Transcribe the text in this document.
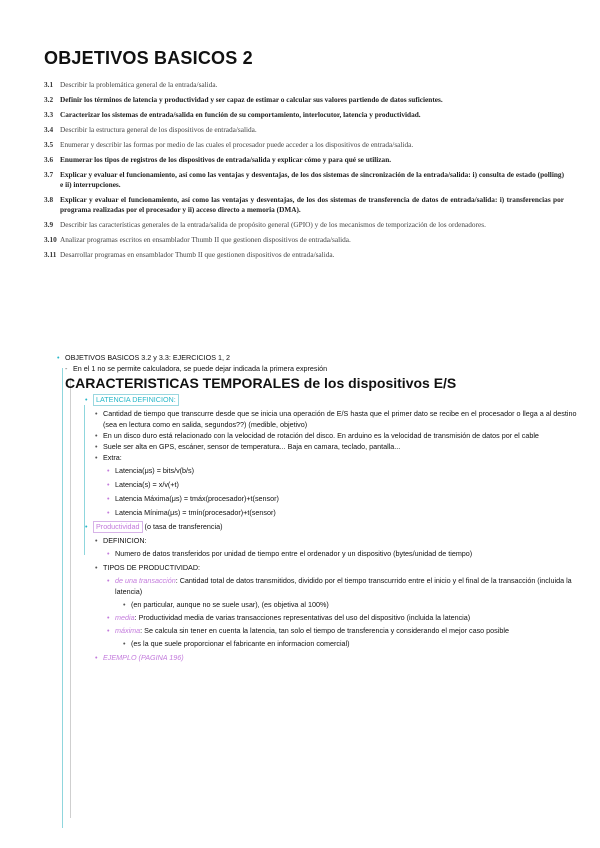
OBJETIVOS BASICOS 2
3.1 Describir la problemática general de la entrada/salida.
3.2 Definir los términos de latencia y productividad y ser capaz de estimar o calcular sus valores partiendo de datos suficientes.
3.3 Caracterizar los sistemas de entrada/salida en función de su comportamiento, interlocutor, latencia y productividad.
3.4 Describir la estructura general de los dispositivos de entrada/salida.
3.5 Enumerar y describir las formas por medio de las cuales el procesador puede acceder a los dispositivos de entrada/salida.
3.6 Enumerar los tipos de registros de los dispositivos de entrada/salida y explicar cómo y para qué se utilizan.
3.7 Explicar y evaluar el funcionamiento, así como las ventajas y desventajas, de los dos sistemas de sincronización de la entrada/salida: i) consulta de estado (polling) e ii) interrupciones.
3.8 Explicar y evaluar el funcionamiento, así como las ventajas y desventajas, de los dos sistemas de transferencia de datos de entrada/salida: i) transferencias por programa realizadas por el procesador y ii) acceso directo a memoria (DMA).
3.9 Describir las características generales de la entrada/salida de propósito general (GPIO) y de los mecanismos de temporización de los ordenadores.
3.10 Analizar programas escritos en ensamblador Thumb II que gestionen dispositivos de entrada/salida.
3.11 Desarrollar programas en ensamblador Thumb II que gestionen dispositivos de entrada/salida.
• OBJETIVOS BASICOS 3.2 y 3.3: EJERCICIOS 1, 2
- En el 1 no se permite calculadora, se puede dejar indicada la primera expresión
CARACTERISTICAS TEMPORALES de los dispositivos E/S
• LATENCIA DEFINICION:
• Cantidad de tiempo que transcurre desde que se inicia una operación de E/S hasta que el primer dato se recibe en el procesador o llega a al destino (sea en lectura como en salida, segundos??) (medible, objetivo)
• En un disco duro está relacionado con la velocidad de rotación del disco. En arduino es la velocidad de transmisión de datos por el cable
• Suele ser alta en GPS, escáner, sensor de temperatura... Baja en camara, teclado, pantalla...
• Extra:
• Latencia(μs) = bits/v(b/s)
• Latencia(s) = x/v(+t)
• Latencia Máxima(μs) = tmáx(procesador)+t(sensor)
• Latencia Mínima(μs) = tmín(procesador)+t(sensor)
• Productividad (o tasa de transferencia)
• DEFINICION:
• Numero de datos transferidos por unidad de tiempo entre el ordenador y un dispositivo (bytes/unidad de tiempo)
• TIPOS DE PRODUCTIVIDAD:
• de una transacción: Cantidad total de datos transmitidos, dividido por el tiempo transcurrido entre el inicio y el final de la transacción (incluida la latencia)
• (en particular, aunque no se suele usar), (es objetiva al 100%)
• media: Productividad media de varias transacciones representativas del uso del dispositivo (incluida la latencia)
• máxima: Se calcula sin tener en cuenta la latencia, tan solo el tiempo de transferencia y considerando el mejor caso posible
• (es la que suele proporcionar el fabricante en informacion comercial)
• EJEMPLO (PAGINA 196)
